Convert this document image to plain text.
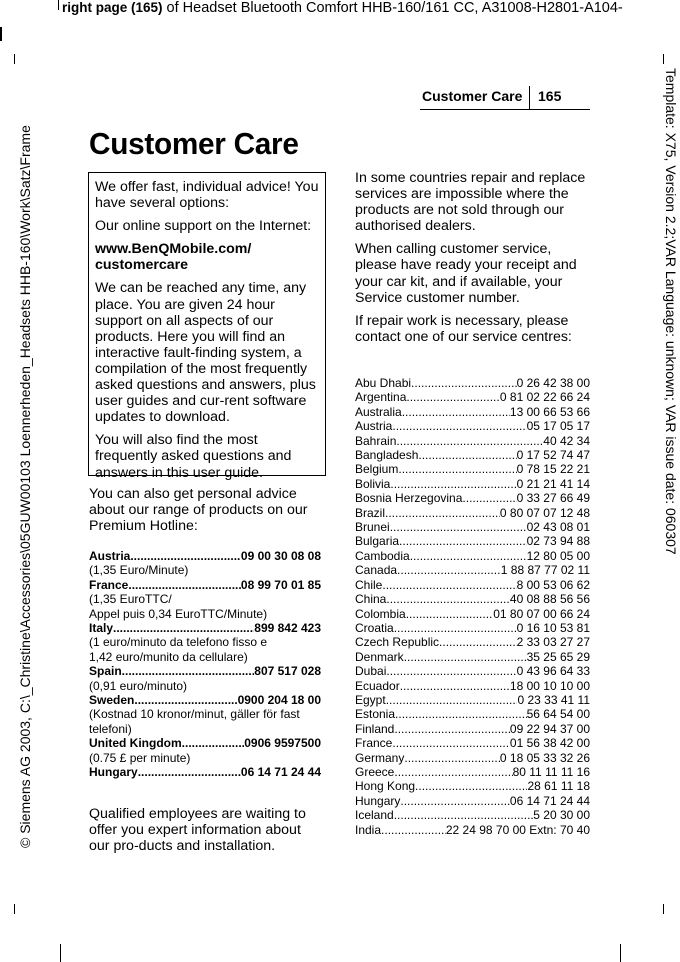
right page (165) of Headset Bluetooth Comfort HHB-160/161 CC, A31008-H2801-A104-
© Siemens AG 2003, C:\_Christine\Accessories\05GUW00103 Loennerheden_Headsets HHB-160\Work\Satz\Frame	Template: X75, Version 2.2;VAR Language: unknown; VAR issue date: 060307
Customer Care 165
Customer Care

We offer fast, individual advice! You have several options:

Our online support on the Internet:

www.BenQMobile.com/ customercare

We can be reached any time, any place. You are given 24 hour support on all aspects of our products. Here you will find an interactive fault-finding system, a compilation of the most frequently asked questions and answers, plus user guides and cur-rent software updates to download.

You will also find the most frequently asked questions and answers in this user guide.

You can also get personal advice about our range of products on our Premium Hotline:
Austria .....	09 00 30 08 08
(1,35 Euro/Minute)
France .....	08 99 70 01 85
(1,35 EuroTTC/
Appel puis 0,34 EuroTTC/Minute)
Italy .....	899 842 423
(1 euro/minuto da telefono fisso e
1,42 euro/munito da cellulare)
Spain .....	807 517 028
(0,91 euro/minuto)
Sweden .....	0900 204 18 00
(Kostnad 10 kronor/minut, gäller för fast telefoni)
United Kingdom .....	0906 9597500
(0.75 £ per minute)
Hungary .....	06 14 71 24 44
Qualified employees are waiting to offer you expert information about our pro-ducts and installation.

In some countries repair and replace services are impossible where the products are not sold through our authorised dealers.

When calling customer service, please have ready your receipt and your car kit, and if available, your Service customer number.

If repair work is necessary, please contact one of our service centres:

Abu Dhabi .....	0 26 42 38 00
Argentina .....	0 81 02 22 66 24
Australia .....	13 00 66 53 66
Austria .....	05 17 05 17
Bahrain .....	40 42 34
Bangladesh .....	0 17 52 74 47
Belgium .....	0 78 15 22 21
Bolivia .....	0 21 21 41 14
Bosnia Herzegovina .....	0 33 27 66 49
Brazil .....	0 80 07 07 12 48
Brunei .....	02 43 08 01
Bulgaria .....	02 73 94 88
Cambodia .....	12 80 05 00
Canada .....	1 88 87 77 02 11
Chile .....	8 00 53 06 62
China .....	40 08 88 56 56
Colombia .....	01 80 07 00 66 24
Croatia .....	0 16 10 53 81
Czech Republic .....	2 33 03 27 27
Denmark .....	35 25 65 29
Dubai .....	0 43 96 64 33
Ecuador .....	18 00 10 10 00
Egypt .....	0 23 33 41 11
Estonia .....	56 64 54 00
Finland .....	09 22 94 37 00
France .....	01 56 38 42 00
Germany .....	0 18 05 33 32 26
Greece .....	80 11 11 11 16
Hong Kong .....	28 61 11 18
Hungary .....	06 14 71 24 44
Iceland .....	5 20 30 00
India .....	22 24 98 70 00 Extn: 70 40
